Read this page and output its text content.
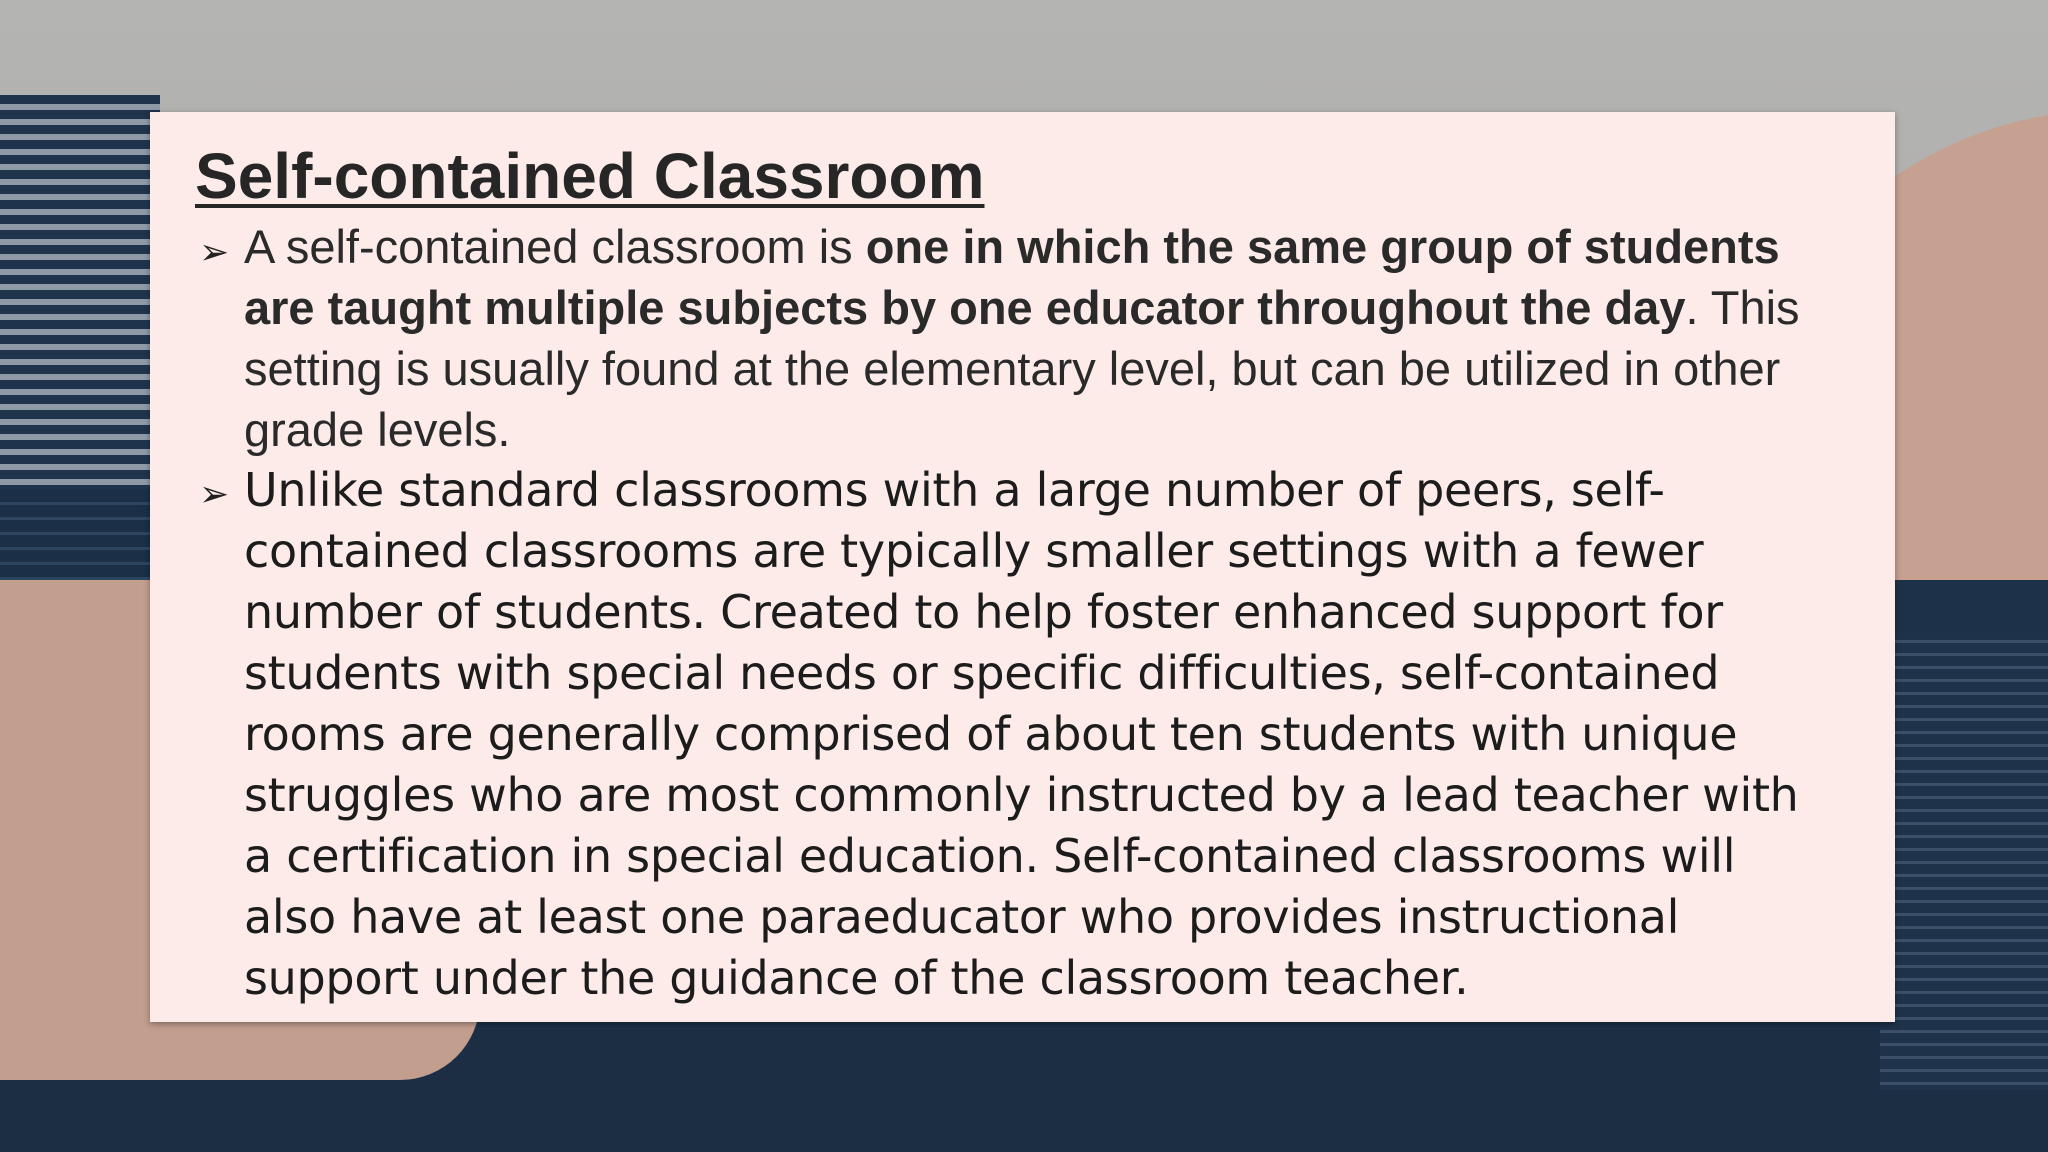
Self-contained Classroom
➢ A self-contained classroom is one in which the same group of students are taught multiple subjects by one educator throughout the day. This setting is usually found at the elementary level, but can be utilized in other grade levels.
➢ Unlike standard classrooms with a large number of peers, self-contained classrooms are typically smaller settings with a fewer number of students. Created to help foster enhanced support for students with special needs or specific difficulties, self-contained rooms are generally comprised of about ten students with unique struggles who are most commonly instructed by a lead teacher with a certification in special education. Self-contained classrooms will also have at least one paraeducator who provides instructional support under the guidance of the classroom teacher.
